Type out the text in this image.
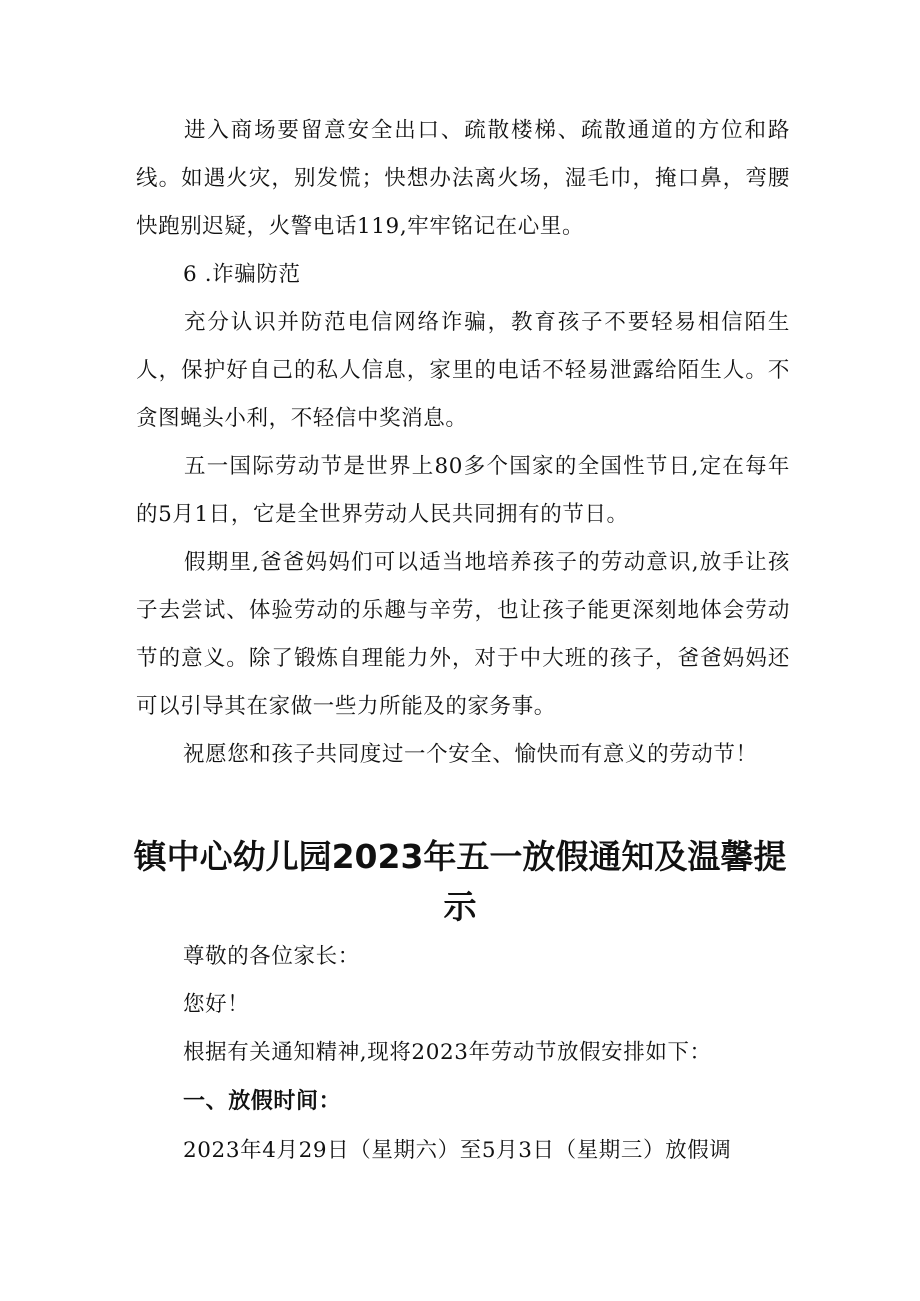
进入商场要留意安全出口、疏散楼梯、疏散通道的方位和路线。如遇火灾，别发慌；快想办法离火场，湿毛巾，掩口鼻，弯腰快跑别迟疑，火警电话119,牢牢铭记在心里。

6 .诈骗防范

充分认识并防范电信网络诈骗，教育孩子不要轻易相信陌生人，保护好自己的私人信息，家里的电话不轻易泄露给陌生人。不贪图蝇头小利，不轻信中奖消息。

五一国际劳动节是世界上80多个国家的全国性节日,定在每年的5月1日，它是全世界劳动人民共同拥有的节日。

假期里,爸爸妈妈们可以适当地培养孩子的劳动意识,放手让孩子去尝试、体验劳动的乐趣与辛劳，也让孩子能更深刻地体会劳动节的意义。除了锻炼自理能力外，对于中大班的孩子，爸爸妈妈还可以引导其在家做一些力所能及的家务事。

祝愿您和孩子共同度过一个安全、愉快而有意义的劳动节！

镇中心幼儿园2023年五一放假通知及温馨提示

尊敬的各位家长：

您好！

根据有关通知精神,现将2023年劳动节放假安排如下：

一、放假时间：

2023年4月29日（星期六）至5月3日（星期三）放假调
